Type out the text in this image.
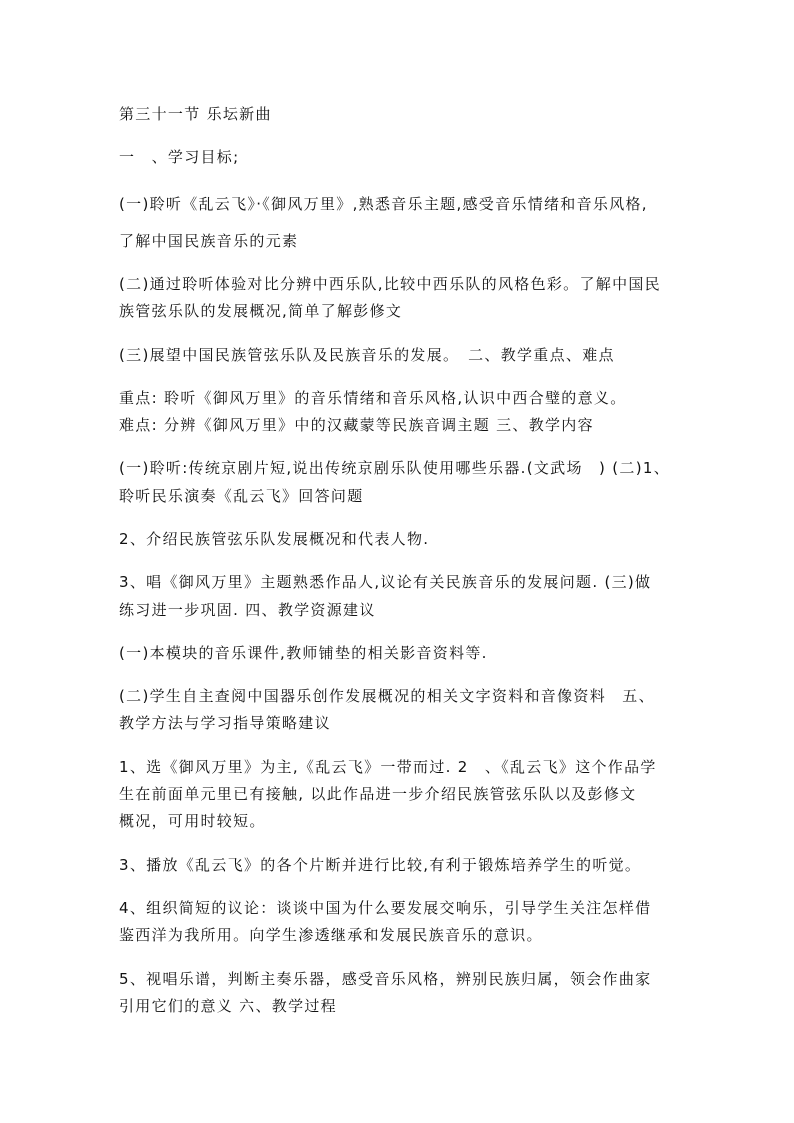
第三十一节 乐坛新曲
一　、学习目标;
(一)聆听《乱云飞》·《御风万里》,熟悉音乐主题,感受音乐情绪和音乐风格,
了解中国民族音乐的元素
(二)通过聆听体验对比分辨中西乐队,比较中西乐队的风格色彩。了解中国民
族管弦乐队的发展概况,简单了解彭修文
(三)展望中国民族管弦乐队及民族音乐的发展。　二、教学重点、难点
重点: 聆听《御风万里》的音乐情绪和音乐风格,认识中西合璧的意义。
难点: 分辨《御风万里》中的汉藏蒙等民族音调主题 三、教学内容
(一)聆听:传统京剧片短,说出传统京剧乐队使用哪些乐器.(文武场　) (二)1、
聆听民乐演奏《乱云飞》回答问题
2、介绍民族管弦乐队发展概况和代表人物.
3、唱《御风万里》主题熟悉作品人,议论有关民族音乐的发展问题. (三)做
练习进一步巩固. 四、教学资源建议
(一)本模块的音乐课件,教师铺垫的相关影音资料等.
(二)学生自主查阅中国器乐创作发展概况的相关文字资料和音像资料　五、
教学方法与学习指导策略建议
1、选《御风万里》为主,《乱云飞》一带而过. 2　、《乱云飞》这个作品学
生在前面单元里已有接触, 以此作品进一步介绍民族管弦乐队以及彭修文
概况，可用时较短。
3、播放《乱云飞》的各个片断并进行比较,有利于锻炼培养学生的听觉。
4、组织简短的议论：谈谈中国为什么要发展交响乐，引导学生关注怎样借
鉴西洋为我所用。向学生渗透继承和发展民族音乐的意识。
5、视唱乐谱，判断主奏乐器，感受音乐风格，辨别民族归属，领会作曲家
引用它们的意义 六、教学过程
